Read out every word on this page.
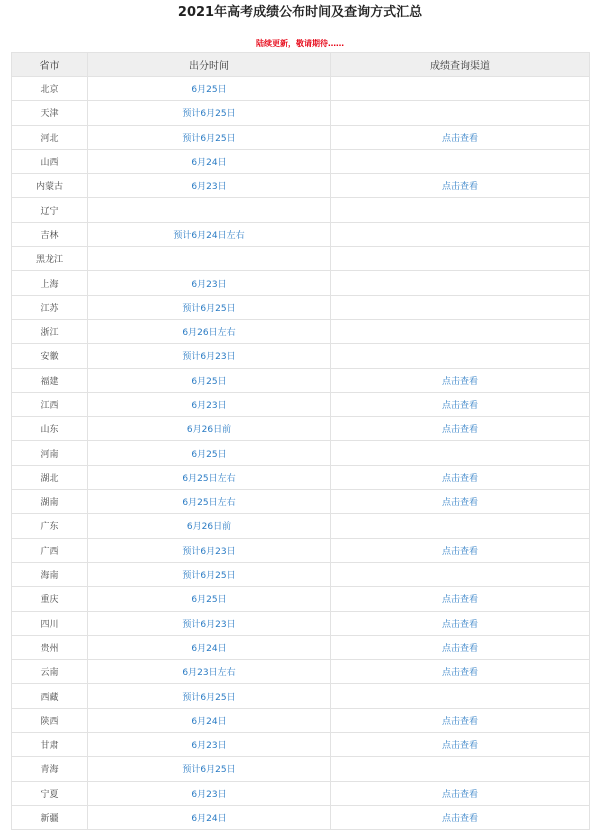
2021年高考成绩公布时间及查询方式汇总
陆续更新，敬请期待……
省市	出分时间	成绩查询渠道
北京	6月25日	
天津	预计6月25日	
河北	预计6月25日	点击查看
山西	6月24日	
内蒙古	6月23日	点击查看
辽宁		
吉林	预计6月24日左右	
黑龙江		
上海	6月23日	
江苏	预计6月25日	
浙江	6月26日左右	
安徽	预计6月23日	
福建	6月25日	点击查看
江西	6月23日	点击查看
山东	6月26日前	点击查看
河南	6月25日	
湖北	6月25日左右	点击查看
湖南	6月25日左右	点击查看
广东	6月26日前	
广西	预计6月23日	点击查看
海南	预计6月25日	
重庆	6月25日	点击查看
四川	预计6月23日	点击查看
贵州	6月24日	点击查看
云南	6月23日左右	点击查看
西藏	预计6月25日	
陕西	6月24日	点击查看
甘肃	6月23日	点击查看
青海	预计6月25日	
宁夏	6月23日	点击查看
新疆	6月24日	点击查看
